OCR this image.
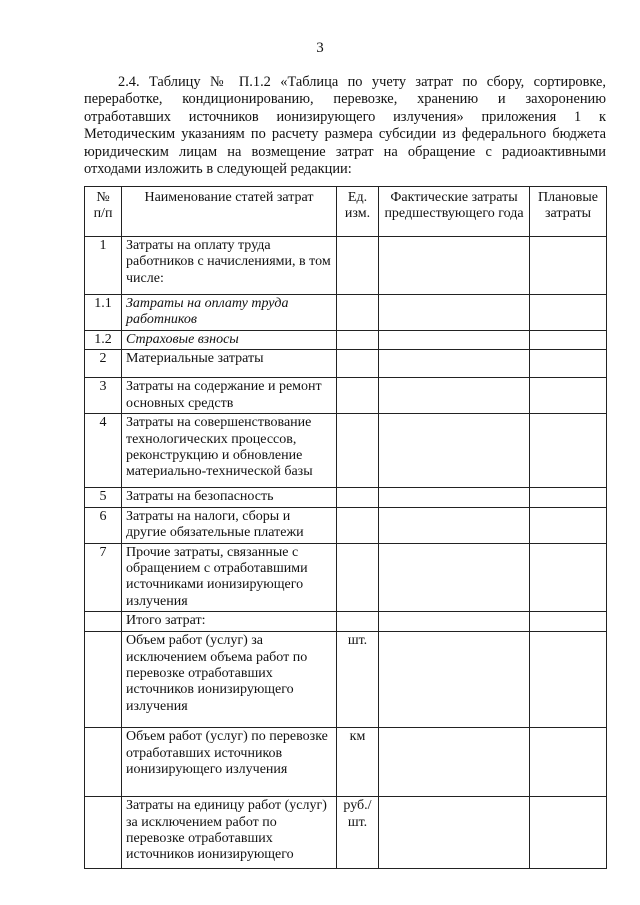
3

2.4. Таблицу № П.1.2 «Таблица по учету затрат по сбору, сортировке, переработке, кондиционированию, перевозке, хранению и захоронению отработавших источников ионизирующего излучения» приложения 1 к Методическим указаниям по расчету размера субсидии из федерального бюджета юридическим лицам на возмещение затрат на обращение с радиоактивными отходами изложить в следующей редакции:

№ п/п	Наименование статей затрат	Ед. изм.	Фактические затраты предшествующего года	Плановые затраты
1	Затраты на оплату труда работников с начислениями, в том числе:			
1.1	Затраты на оплату труда работников			
1.2	Страховые взносы			
2	Материальные затраты			
3	Затраты на содержание и ремонт основных средств			
4	Затраты на совершенствование технологических процессов, реконструкцию и обновление материально-технической базы			
5	Затраты на безопасность			
6	Затраты на налоги, сборы и другие обязательные платежи			
7	Прочие затраты, связанные с обращением с отработавшими источниками ионизирующего излучения			
	Итого затрат:			
	Объем работ (услуг) за исключением объема работ по перевозке отработавших источников ионизирующего излучения	шт.		
	Объем работ (услуг) по перевозке отработавших источников ионизирующего излучения	км		
	Затраты на единицу работ (услуг) за исключением работ по перевозке отработавших источников ионизирующего	руб./ шт.		
